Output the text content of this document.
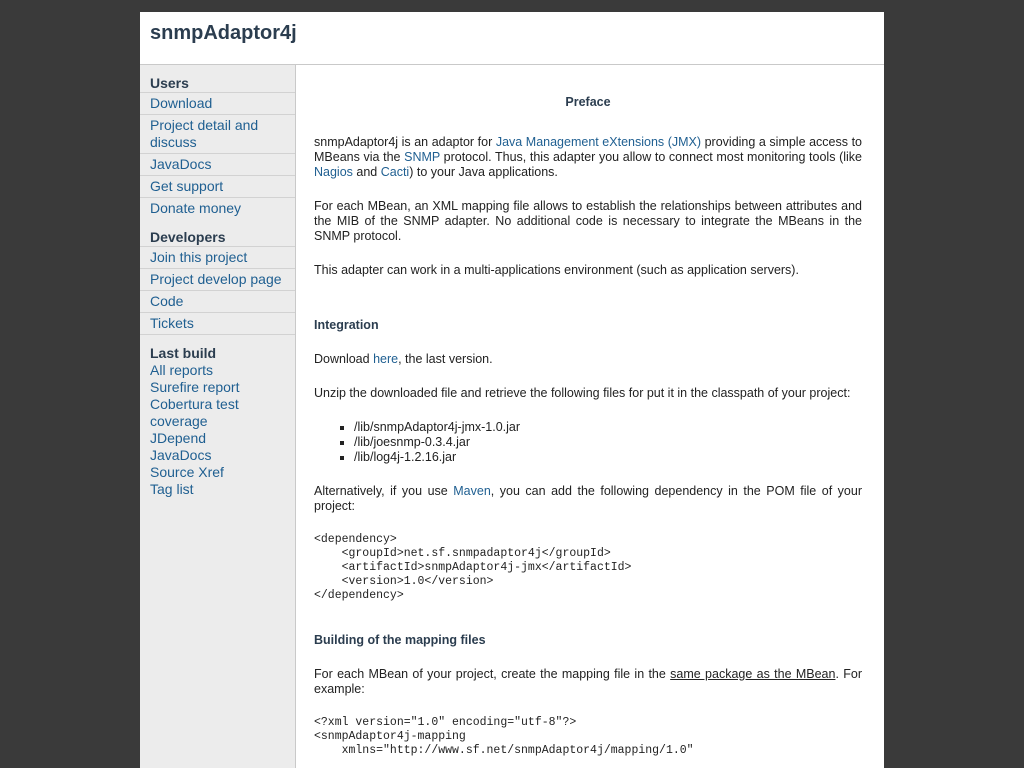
snmpAdaptor4j
Users
Download
Project detail and discuss
JavaDocs
Get support
Donate money
Developers
Join this project
Project develop page
Code
Tickets
Last build
All reports
Surefire report
Cobertura test coverage
JDepend
JavaDocs
Source Xref
Tag list
Preface

snmpAdaptor4j is an adaptor for Java Management eXtensions (JMX) providing a simple access to MBeans via the SNMP protocol. Thus, this adapter you allow to connect most monitoring tools (like Nagios and Cacti) to your Java applications.

For each MBean, an XML mapping file allows to establish the relationships between attributes and the MIB of the SNMP adapter. No additional code is necessary to integrate the MBeans in the SNMP protocol.

This adapter can work in a multi-applications environment (such as application servers).

Integration

Download here, the last version.

Unzip the downloaded file and retrieve the following files for put it in the classpath of your project:

▪ /lib/snmpAdaptor4j-jmx-1.0.jar
▪ /lib/joesnmp-0.3.4.jar
▪ /lib/log4j-1.2.16.jar

Alternatively, if you use Maven, you can add the following dependency in the POM file of your project:

<dependency>
<groupId>net.sf.snmpadaptor4j</groupId>
<artifactId>snmpAdaptor4j-jmx</artifactId>
<version>1.0</version>
</dependency>
Building of the mapping files

For each MBean of your project, create the mapping file in the same package as the MBean. For example:

<?xml version="1.0" encoding="utf-8"?>
<snmpAdaptor4j-mapping
xmlns="http://www.sf.net/snmpAdaptor4j/mapping/1.0"
